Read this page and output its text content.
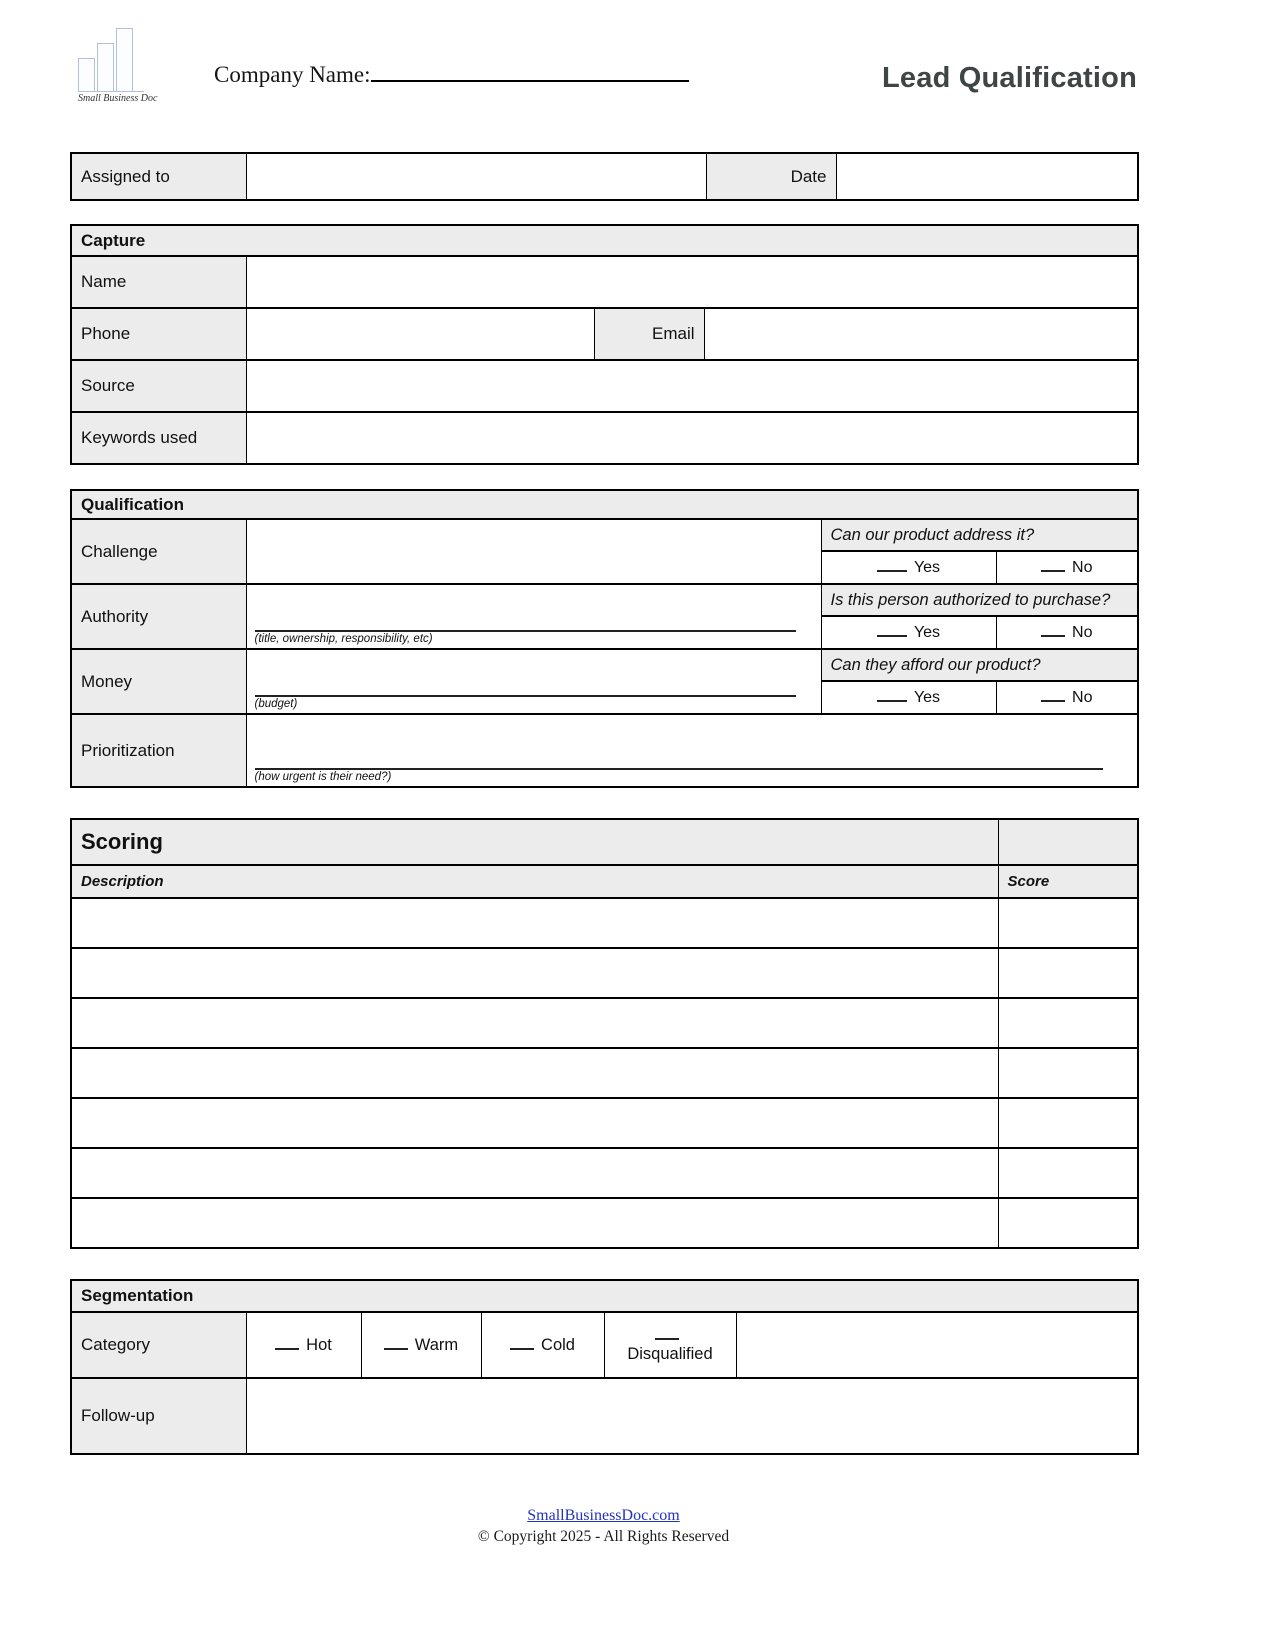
Small Business Doc
Company Name:	Lead Qualification
Assigned to		Date	
Capture			
Name			
Phone		Email	
Source			
Keywords used			
Qualification			
Challenge		Can our product address it?	
		Yes	No
Authority	(title, ownership, responsibility, etc)	Is this person authorized to purchase?	
		Yes	No
Money	(budget)	Can they afford our product?	
		Yes	No
Prioritization	(how urgent is their need?)		
Scoring	
Description	Score

Segmentation					
Category	Hot	Warm	Cold	Disqualified	
Follow-up					
SmallBusinessDoc.com
© Copyright 2025 - All Rights Reserved
